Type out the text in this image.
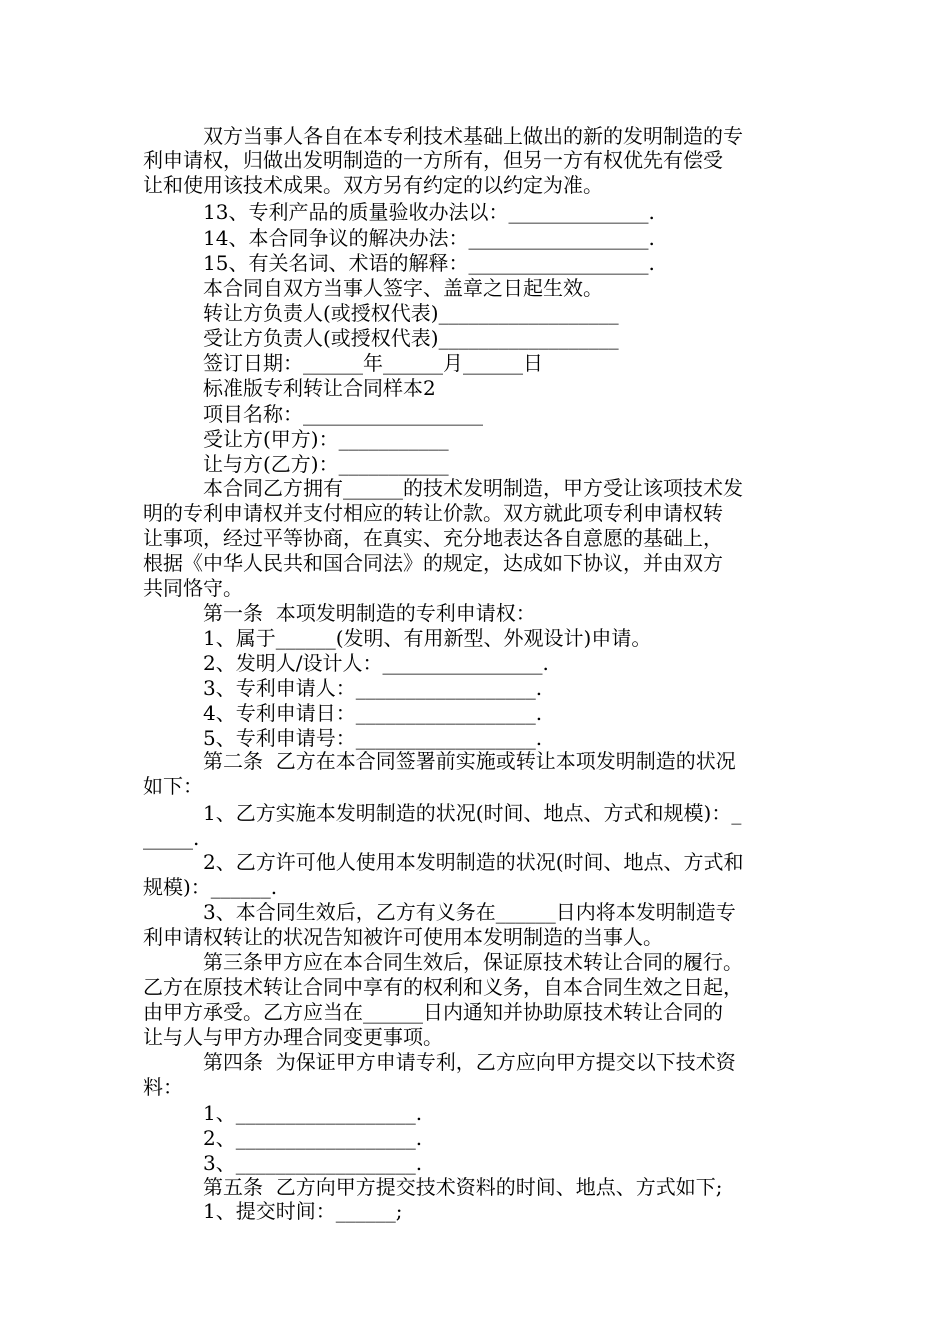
双方当事人各自在本专利技术基础上做出的新的发明制造的专
利申请权，归做出发明制造的一方所有，但另一方有权优先有偿受
让和使用该技术成果。双方另有约定的以约定为准。
13、专利产品的质量验收办法以：______________.
14、本合同争议的解决办法：__________________.
15、有关名词、术语的解释：__________________.
本合同自双方当事人签字、盖章之日起生效。
转让方负责人(或授权代表)__________________
受让方负责人(或授权代表)__________________
签订日期：______年______月______日
标准版专利转让合同样本2
项目名称：__________________
受让方(甲方)：___________
让与方(乙方)：___________
本合同乙方拥有______的技术发明制造，甲方受让该项技术发
明的专利申请权并支付相应的转让价款。双方就此项专利申请权转
让事项，经过平等协商，在真实、充分地表达各自意愿的基础上，
根据《中华人民共和国合同法》的规定，达成如下协议，并由双方
共同恪守。
第一条  本项发明制造的专利申请权：
1、属于______(发明、有用新型、外观设计)申请。
2、发明人/设计人：________________.
3、专利申请人：__________________.
4、专利申请日：__________________.
5、专利申请号：__________________.
第二条  乙方在本合同签署前实施或转让本项发明制造的状况
如下：
1、乙方实施本发明制造的状况(时间、地点、方式和规模)：_
_____.
2、乙方许可他人使用本发明制造的状况(时间、地点、方式和
规模)：______.
3、本合同生效后，乙方有义务在______日内将本发明制造专
利申请权转让的状况告知被许可使用本发明制造的当事人。
第三条甲方应在本合同生效后，保证原技术转让合同的履行。
乙方在原技术转让合同中享有的权利和义务，自本合同生效之日起，
由甲方承受。乙方应当在______日内通知并协助原技术转让合同的
让与人与甲方办理合同变更事项。
第四条  为保证甲方申请专利，乙方应向甲方提交以下技术资
料：
1、__________________.
2、__________________.
3、__________________.
第五条  乙方向甲方提交技术资料的时间、地点、方式如下;
1、提交时间：______;
